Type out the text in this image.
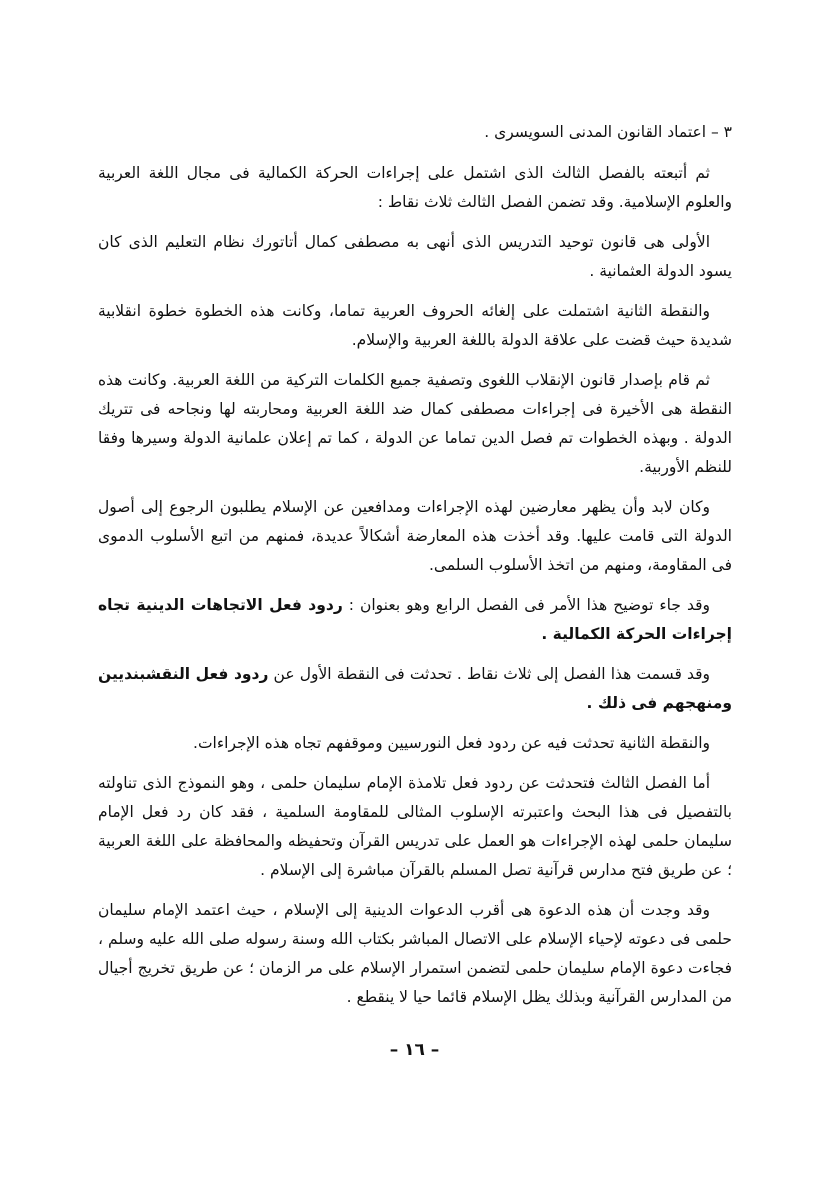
٣ – اعتماد القانون المدنى السويسرى .

ثم أتبعته بالفصل الثالث الذى اشتمل على إجراءات الحركة الكمالية فى مجال اللغة العربية والعلوم الإسلامية. وقد تضمن الفصل الثالث ثلاث نقاط :

الأولى هى قانون توحيد التدريس الذى أنهى به مصطفى كمال أتاتورك نظام التعليم الذى كان يسود الدولة العثمانية .

والنقطة الثانية اشتملت على إلغائه الحروف العربية تماما، وكانت هذه الخطوة خطوة انقلابية شديدة حيث قضت على علاقة الدولة باللغة العربية والإسلام.

ثم قام بإصدار قانون الإنقلاب اللغوى وتصفية جميع الكلمات التركية من اللغة العربية. وكانت هذه النقطة هى الأخيرة فى إجراءات مصطفى كمال ضد اللغة العربية ومحاربته لها ونجاحه فى تتريك الدولة . وبهذه الخطوات تم فصل الدين تماما عن الدولة ، كما تم إعلان علمانية الدولة وسيرها وفقا للنظم الأوربية.

وكان لابد وأن يظهر معارضين لهذه الإجراءات ومدافعين عن الإسلام يطلبون الرجوع إلى أصول الدولة التى قامت عليها. وقد أخذت هذه المعارضة أشكالاً عديدة، فمنهم من اتبع الأسلوب الدموى فى المقاومة، ومنهم من اتخذ الأسلوب السلمى.

وقد جاء توضيح هذا الأمر فى الفصل الرابع وهو بعنوان : ردود فعل الاتجاهات الدينية تجاه إجراءات الحركة الكمالية .

وقد قسمت هذا الفصل إلى ثلاث نقاط . تحدثت فى النقطة الأول عن ردود فعل النقشبنديين ومنهجهم فى ذلك .

والنقطة الثانية تحدثت فيه عن ردود فعل النورسيين وموقفهم تجاه هذه الإجراءات.

أما الفصل الثالث فتحدثت عن ردود فعل تلامذة الإمام سليمان حلمى ، وهو النموذج الذى تناولته بالتفصيل فى هذا البحث واعتبرته الإسلوب المثالى للمقاومة السلمية ، فقد كان رد فعل الإمام سليمان حلمى لهذه الإجراءات هو العمل على تدريس القرآن وتحفيظه والمحافظة على اللغة العربية ؛ عن طريق فتح مدارس قرآنية تصل المسلم بالقرآن مباشرة إلى الإسلام .

وقد وجدت أن هذه الدعوة هى أقرب الدعوات الدينية إلى الإسلام ، حيث اعتمد الإمام سليمان حلمى فى دعوته لإحياء الإسلام على الاتصال المباشر بكتاب الله وسنة رسوله صلى الله عليه وسلم ، فجاءت دعوة الإمام سليمان حلمى لتضمن استمرار الإسلام على مر الزمان ؛ عن طريق تخريج أجيال من المدارس القرآنية وبذلك يظل الإسلام قائما حيا لا ينقطع .

– ١٦ –
